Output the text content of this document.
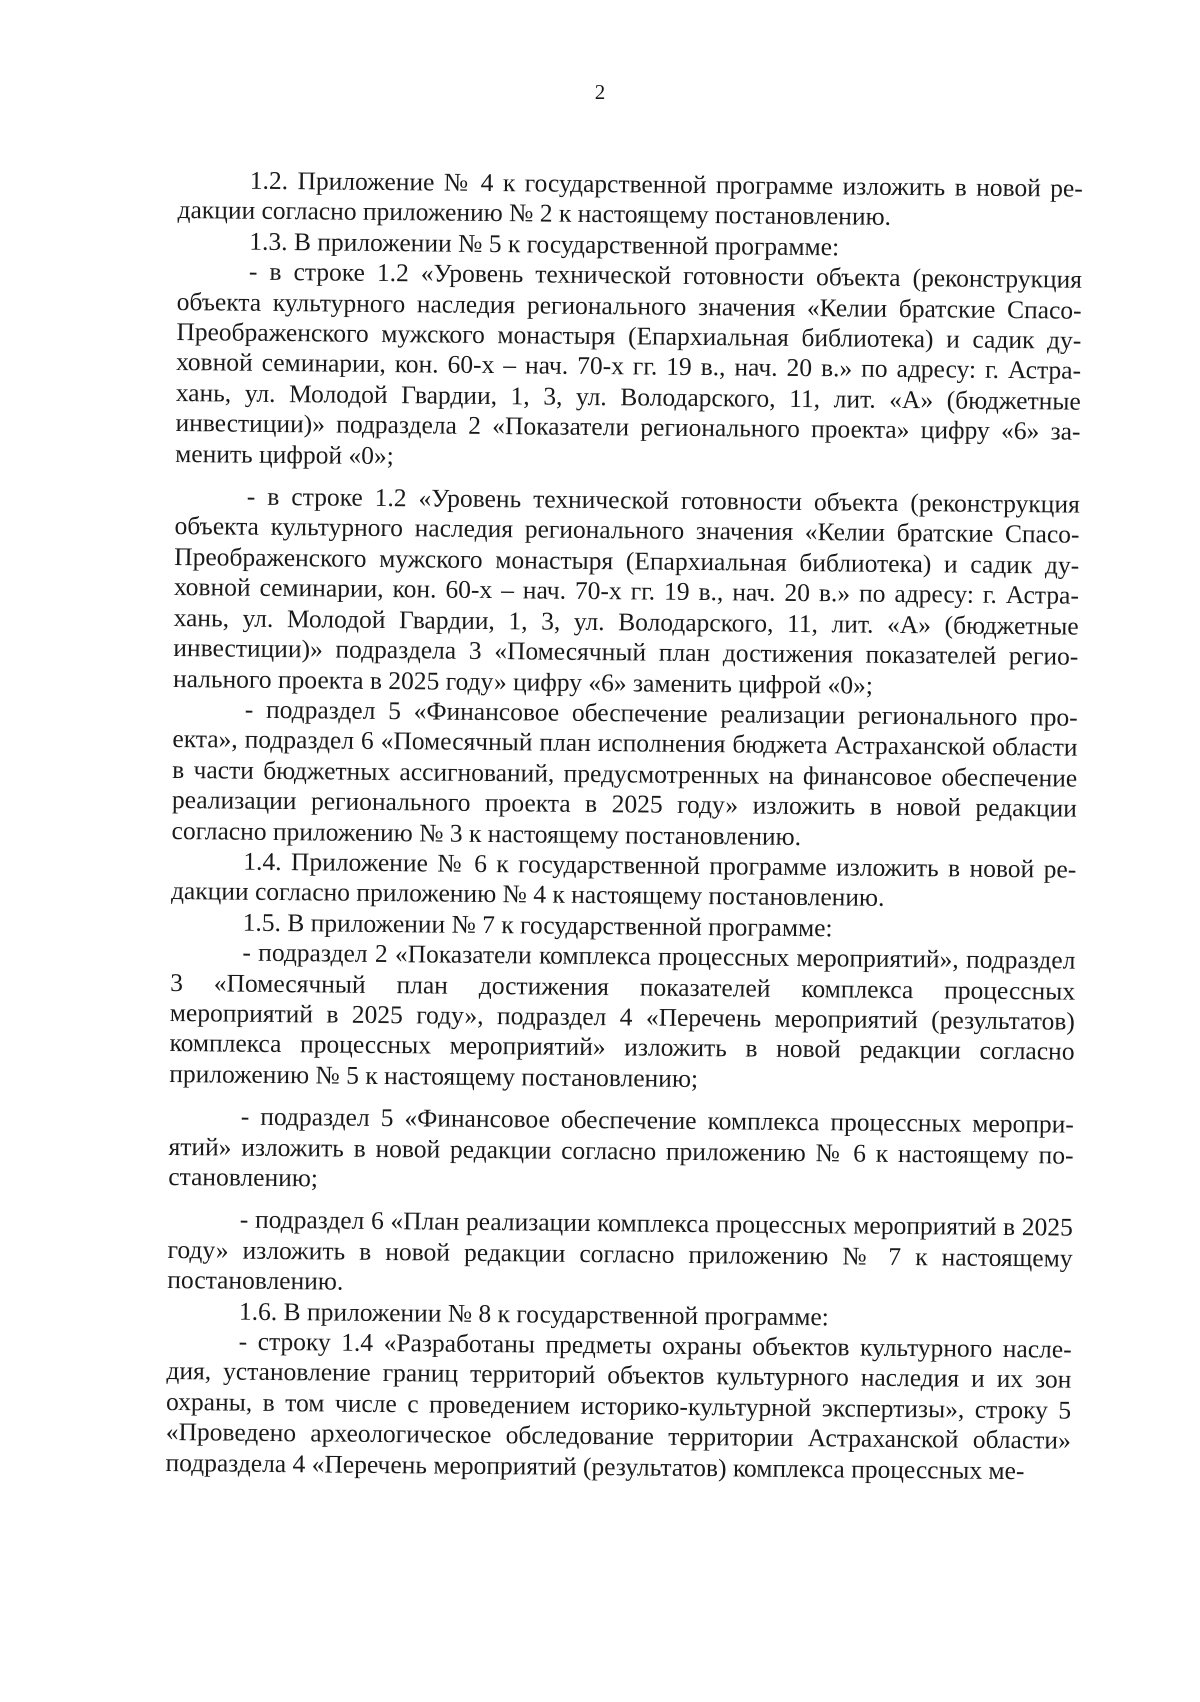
2

1.2. Приложение № 4 к государственной программе изложить в новой редакции согласно приложению № 2 к настоящему постановлению.

1.3. В приложении № 5 к государственной программе:

- в строке 1.2 «Уровень технической готовности объекта (реконструкция объекта культурного наследия регионального значения «Келии братские Спасо-Преображенского мужского монастыря (Епархиальная библиотека) и садик духовной семинарии, кон. 60-х – нач. 70-х гг. 19 в., нач. 20 в.» по адресу: г. Астрахань, ул. Молодой Гвардии, 1, 3, ул. Володарского, 11, лит. «А» (бюджетные инвестиции)» подраздела 2 «Показатели регионального проекта» цифру «6» заменить цифрой «0»;

- в строке 1.2 «Уровень технической готовности объекта (реконструкция объекта культурного наследия регионального значения «Келии братские Спасо-Преображенского мужского монастыря (Епархиальная библиотека) и садик духовной семинарии, кон. 60-х – нач. 70-х гг. 19 в., нач. 20 в.» по адресу: г. Астрахань, ул. Молодой Гвардии, 1, 3, ул. Володарского, 11, лит. «А» (бюджетные инвестиции)» подраздела 3 «Помесячный план достижения показателей регионального проекта в 2025 году» цифру «6» заменить цифрой «0»;

- подраздел 5 «Финансовое обеспечение реализации регионального проекта», подраздел 6 «Помесячный план исполнения бюджета Астраханской области в части бюджетных ассигнований, предусмотренных на финансовое обеспечение реализации регионального проекта в 2025 году» изложить в новой редакции согласно приложению № 3 к настоящему постановлению.

1.4. Приложение № 6 к государственной программе изложить в новой редакции согласно приложению № 4 к настоящему постановлению.

1.5. В приложении № 7 к государственной программе:

- подраздел 2 «Показатели комплекса процессных мероприятий», подраздел 3 «Помесячный план достижения показателей комплекса процессных мероприятий в 2025 году», подраздел 4 «Перечень мероприятий (результатов) комплекса процессных мероприятий» изложить в новой редакции согласно приложению № 5 к настоящему постановлению;

- подраздел 5 «Финансовое обеспечение комплекса процессных мероприятий» изложить в новой редакции согласно приложению № 6 к настоящему постановлению;

- подраздел 6 «План реализации комплекса процессных мероприятий в 2025 году» изложить в новой редакции согласно приложению № 7 к настоящему постановлению.

1.6. В приложении № 8 к государственной программе:

- строку 1.4 «Разработаны предметы охраны объектов культурного наследия, установление границ территорий объектов культурного наследия и их зон охраны, в том числе с проведением историко-культурной экспертизы», строку 5 «Проведено археологическое обследование территории Астраханской области» подраздела 4 «Перечень мероприятий (результатов) комплекса процессных ме-
